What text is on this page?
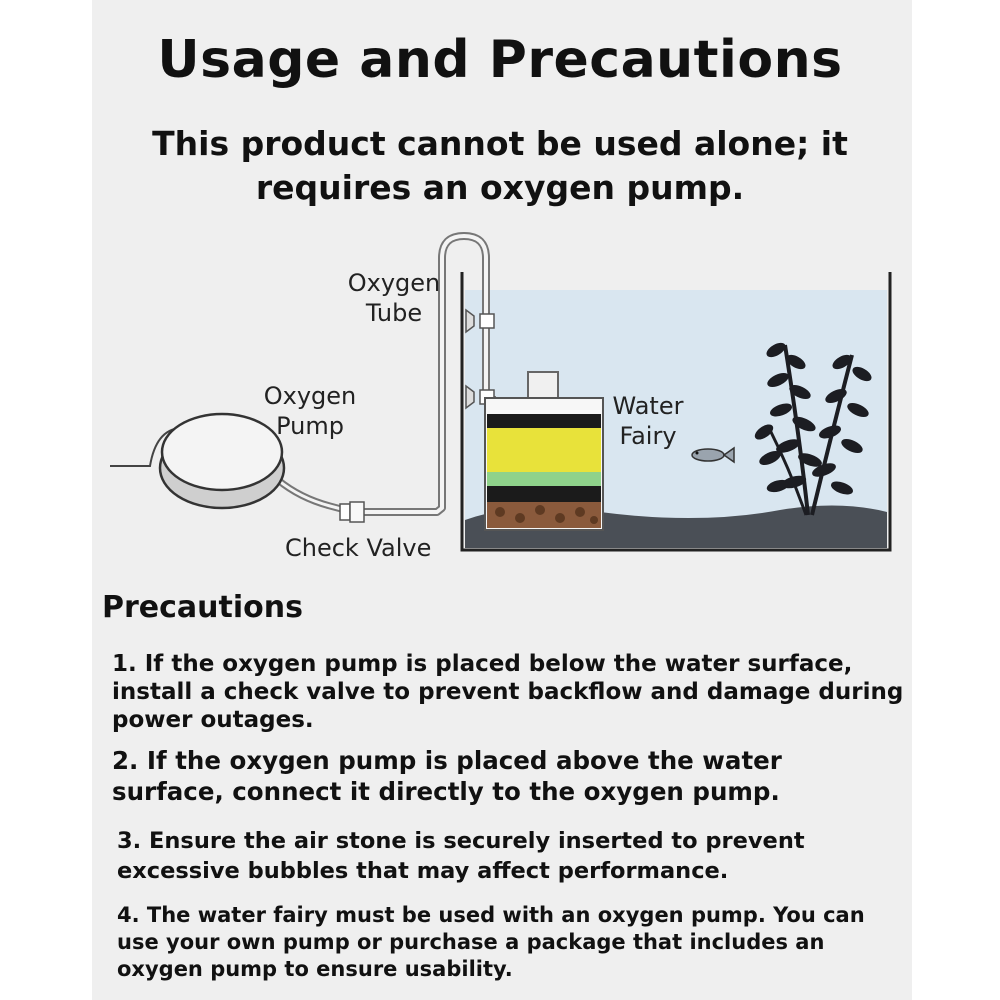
Usage and Precautions
This product cannot be used alone; it
requires an oxygen pump.
Oxygen
Tube
Oxygen
Pump
Water
Fairy
Check Valve
Precautions
1. If the oxygen pump is placed below the water surface,
install a check valve to prevent backflow and damage during
power outages.
2. If the oxygen pump is placed above the water
surface, connect it directly to the oxygen pump.
3. Ensure the air stone is securely inserted to prevent
excessive bubbles that may affect performance.
4. The water fairy must be used with an oxygen pump. You can
use your own pump or purchase a package that includes an
oxygen pump to ensure usability.
